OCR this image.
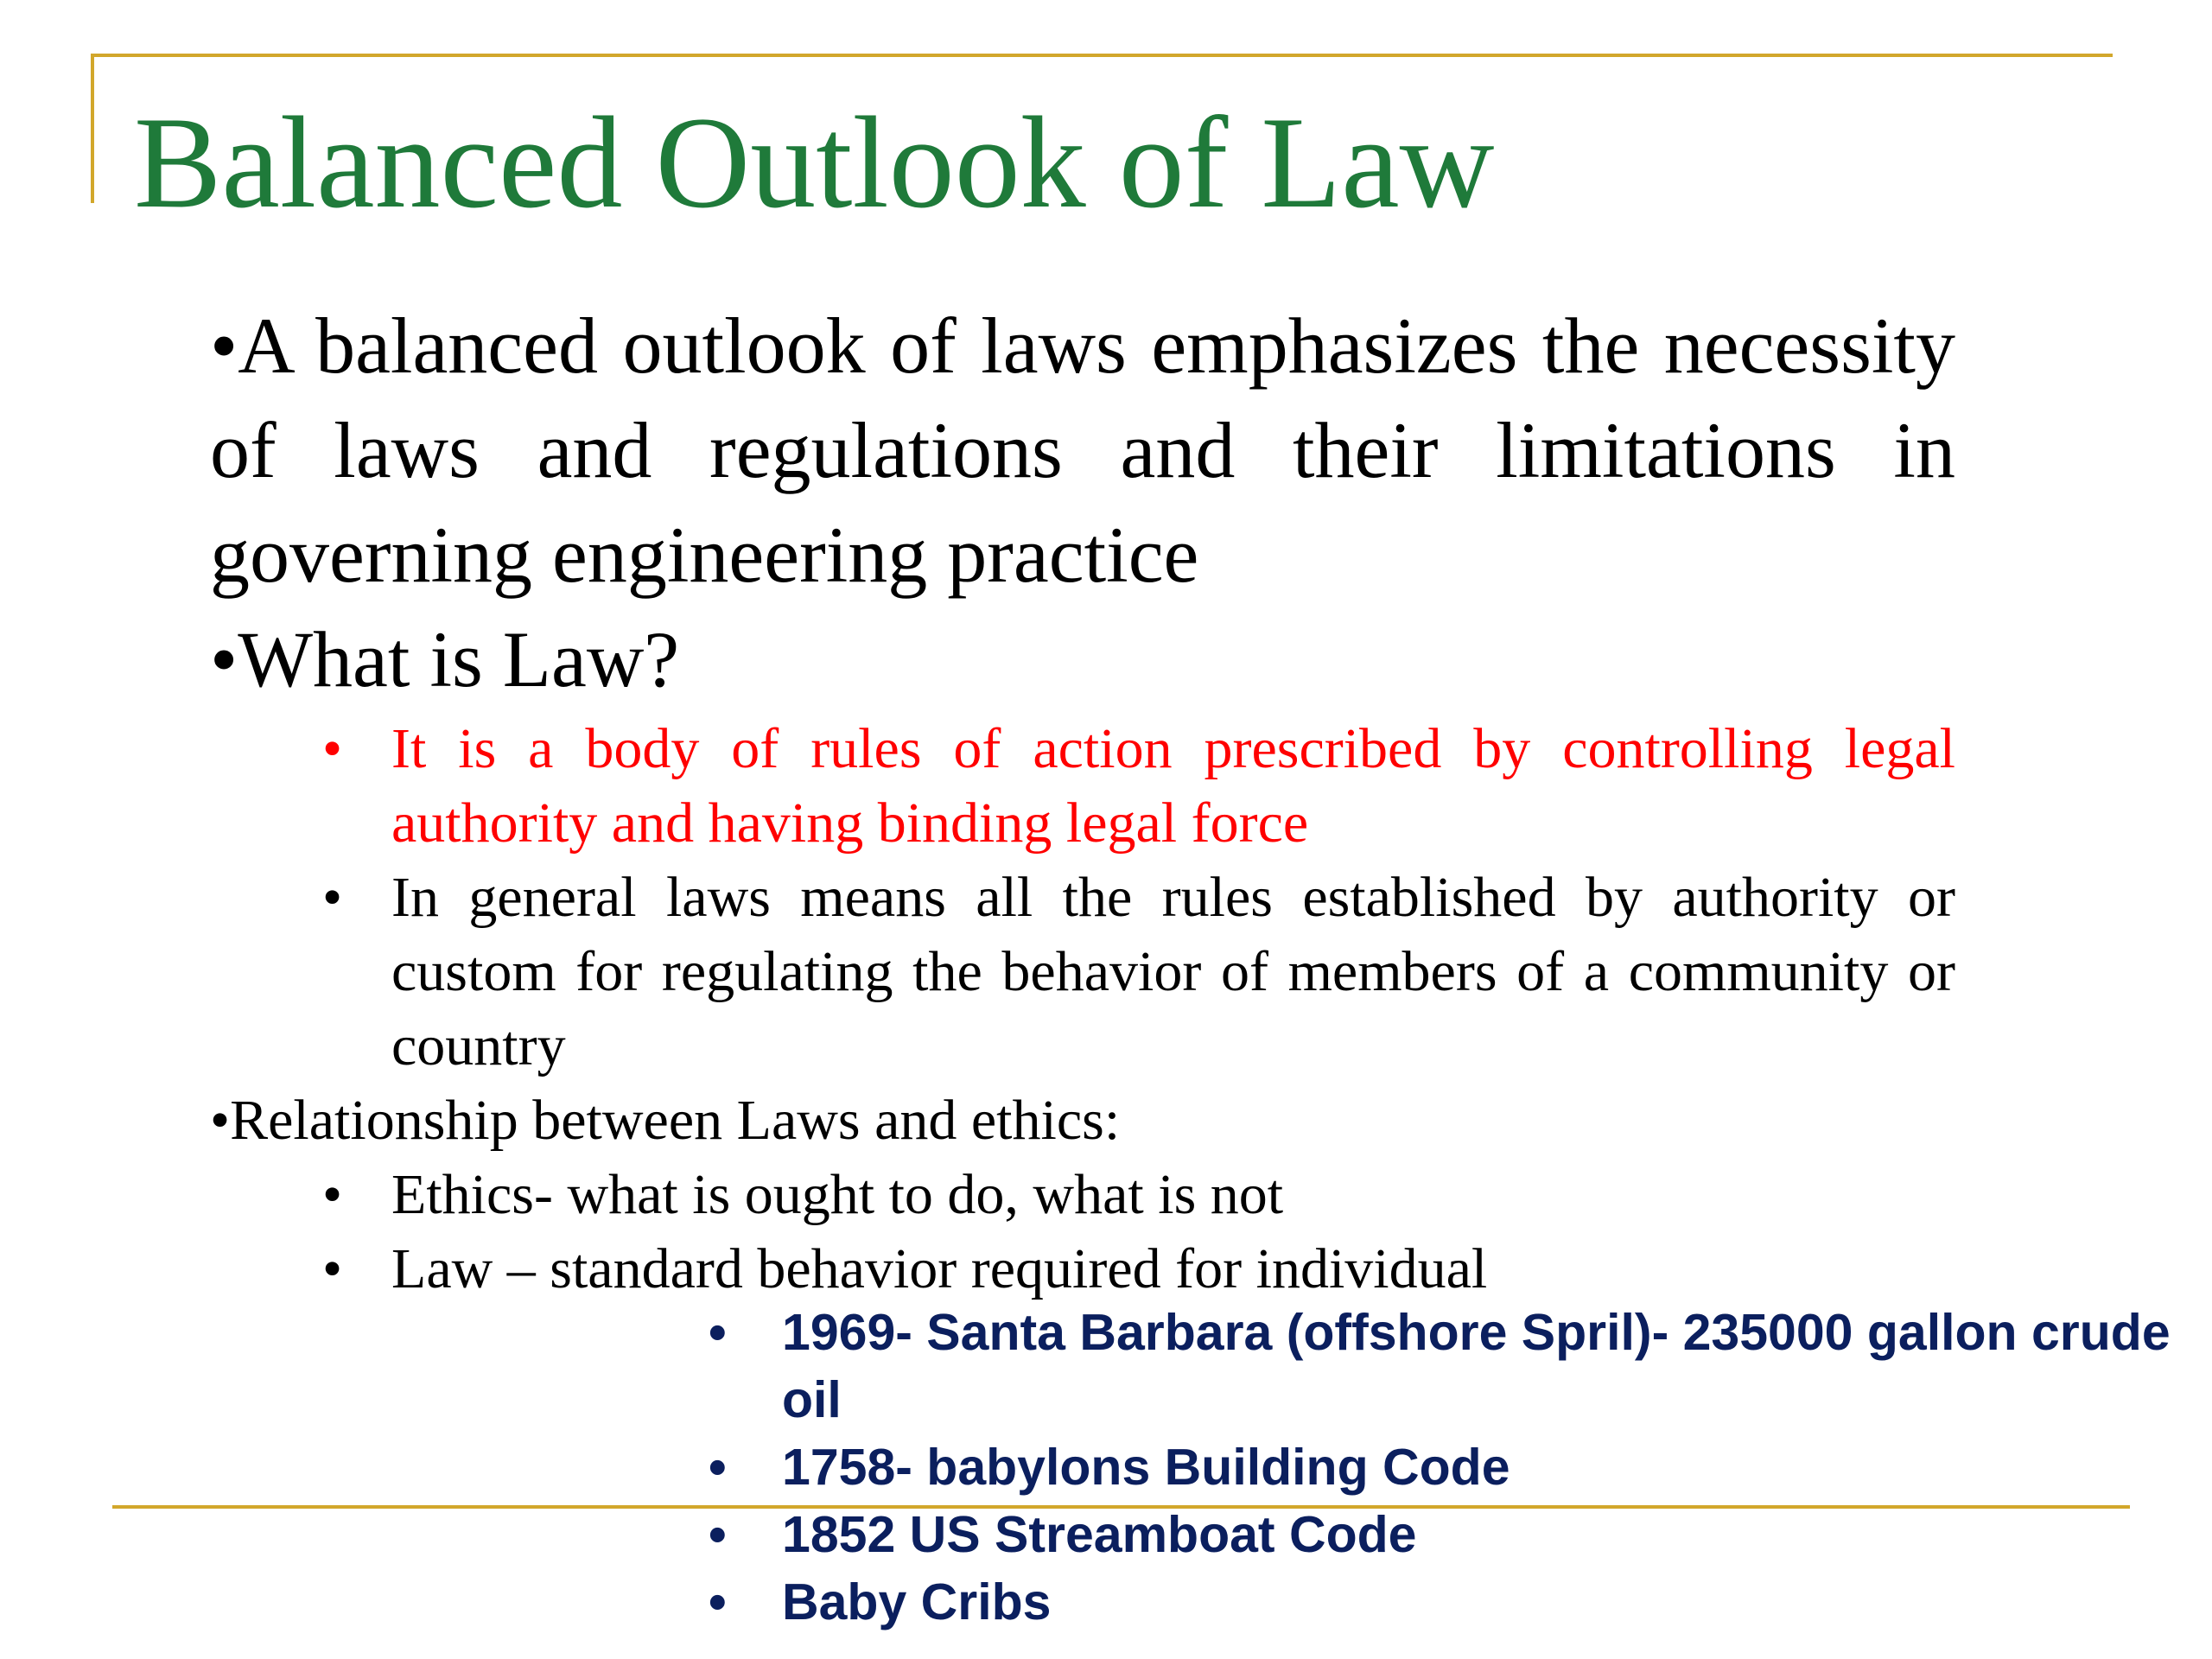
Balanced Outlook of Law

•A balanced outlook of laws emphasizes the necessity of laws and regulations and their limitations in governing engineering practice

•What is Law?

• It is a body of rules of action prescribed by controlling legal authority and having binding legal force

• In general laws means all the rules established by authority or custom for regulating the behavior of members of a community or country

•Relationship between Laws and ethics:

• Ethics- what is ought to do, what is not

• Law – standard behavior required for individual

• 1969- Santa Barbara (offshore Spril)- 235000 gallon crude oil
• 1758- babylons Building Code
• 1852 US Streamboat Code
• Baby Cribs
